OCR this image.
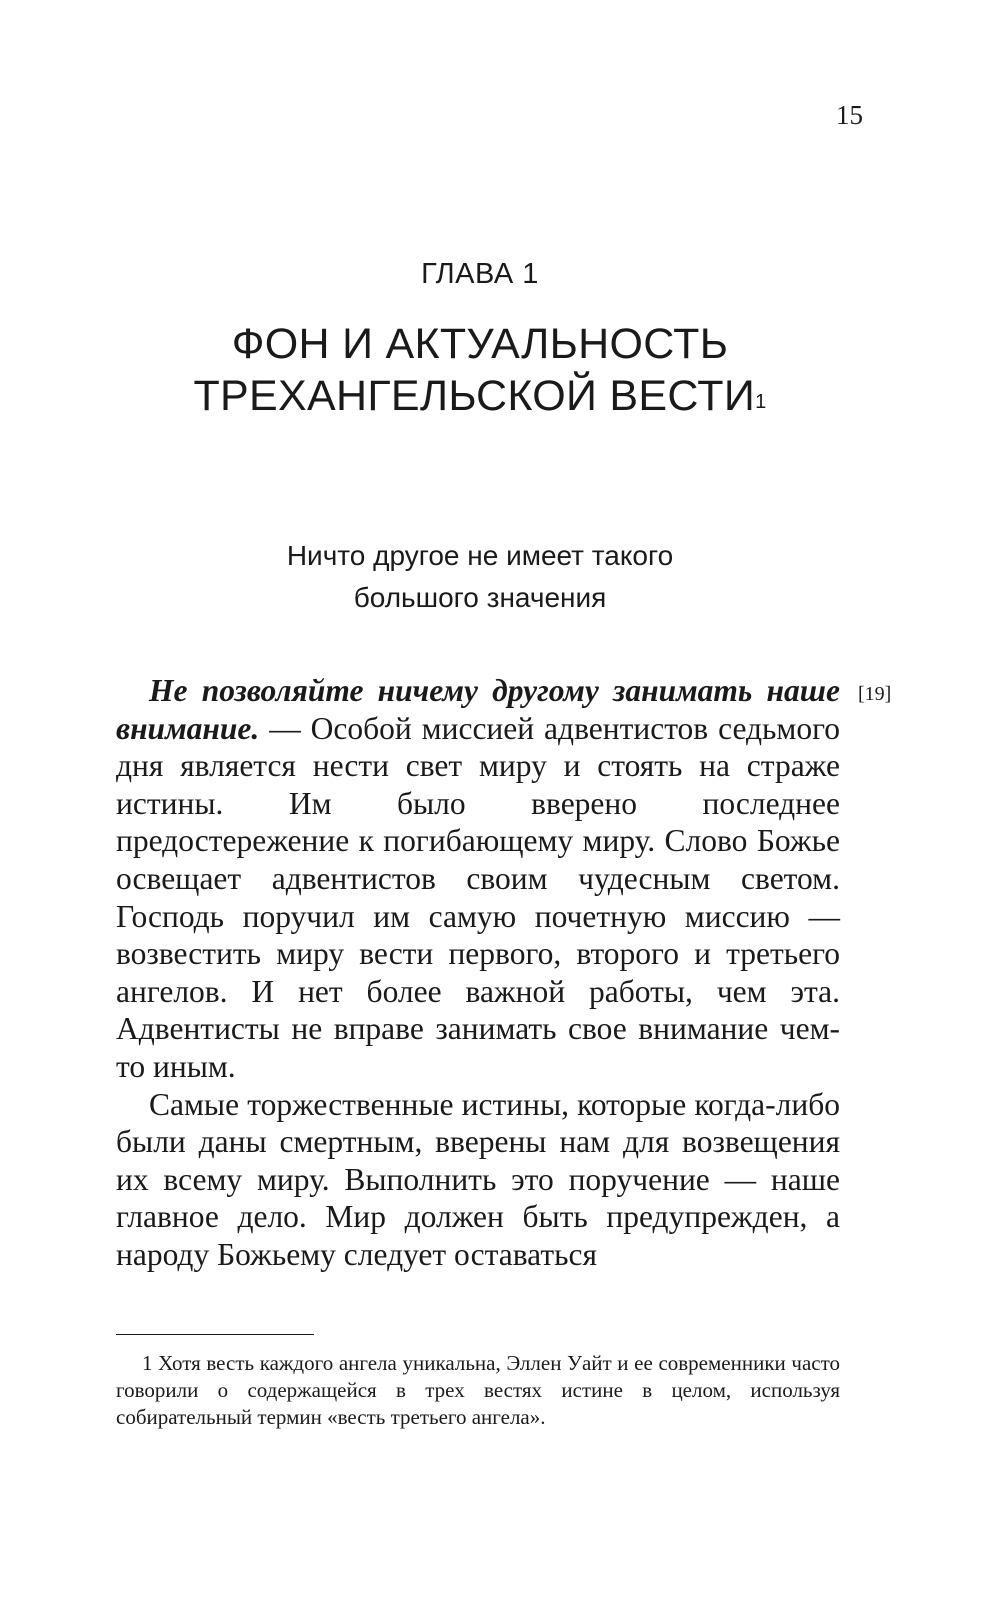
15
ГЛАВА 1
ФОН И АКТУАЛЬНОСТЬ
ТРЕХАНГЕЛЬСКОЙ ВЕСТИ$^1$
Ничто другое не имеет такого
большого значения
[19]

Не позволяйте ничему другому занимать наше внимание. — Особой миссией адвентистов седьмого дня является нести свет миру и стоять на страже истины. Им было вверено последнее предостережение к погибающему миру. Слово Божье освещает адвентистов своим чудесным светом. Господь поручил им самую почетную миссию — возвестить миру вести первого, второго и третьего ангелов. И нет более важной работы, чем эта. Адвентисты не вправе занимать свое внимание чем-то иным.

Самые торжественные истины, которые когда-либо были даны смертным, вверены нам для возвещения их всему миру. Выполнить это поручение — наше главное дело. Мир должен быть предупрежден, а народу Божьему следует оставаться

1 Хотя весть каждого ангела уникальна, Эллен Уайт и ее современники часто говорили о содержащейся в трех вестях истине в целом, используя собирательный термин «весть третьего ангела».
